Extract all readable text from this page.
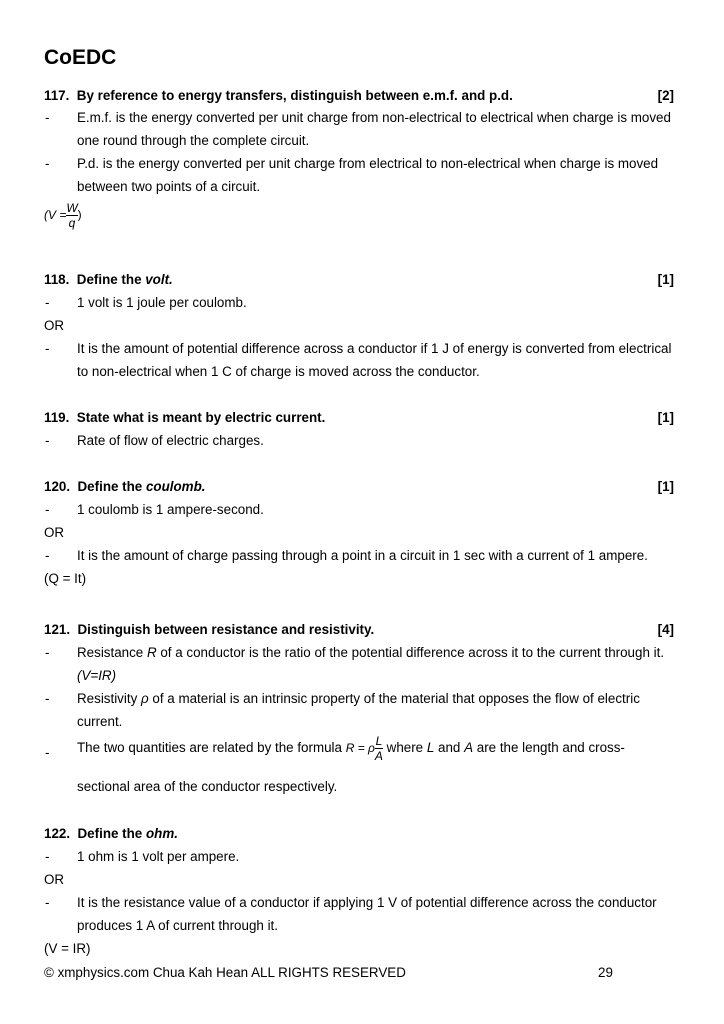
CoEDC
117. By reference to energy transfers, distinguish between e.m.f. and p.d.	[2]
- E.m.f. is the energy converted per unit charge from non-electrical to electrical when charge is moved
one round through the complete circuit.
- P.d. is the energy converted per unit charge from electrical to non-electrical when charge is moved
between two points of a circuit.
($V = \frac{W}{q}$ )
118. Define the volt.	[1]
- 1 volt is 1 joule per coulomb.
OR
- It is the amount of potential difference across a conductor if 1 J of energy is converted from electrical
to non-electrical when 1 C of charge is moved across the conductor.
119. State what is meant by electric current.	[1]
- Rate of flow of electric charges.
120. Define the coulomb.	[1]
- 1 coulomb is 1 ampere-second.
OR
- It is the amount of charge passing through a point in a circuit in 1 sec with a current of 1 ampere.
(Q = It)
121. Distinguish between resistance and resistivity.	[4]
- Resistance R of a conductor is the ratio of the potential difference across it to the current through it.
(V=IR)
- Resistivity ρ of a material is an intrinsic property of the material that opposes the flow of electric
current.
- The two quantities are related by the formula R = ρ $\frac{L}{A}$ where L and A are the length and cross-
sectional area of the conductor respectively.
122. Define the ohm.
- 1 ohm is 1 volt per ampere.
OR
- It is the resistance value of a conductor if applying 1 V of potential difference across the conductor
produces 1 A of current through it.
(V = IR)
© xmphysics.com Chua Kah Hean ALL RIGHTS RESERVED	29
